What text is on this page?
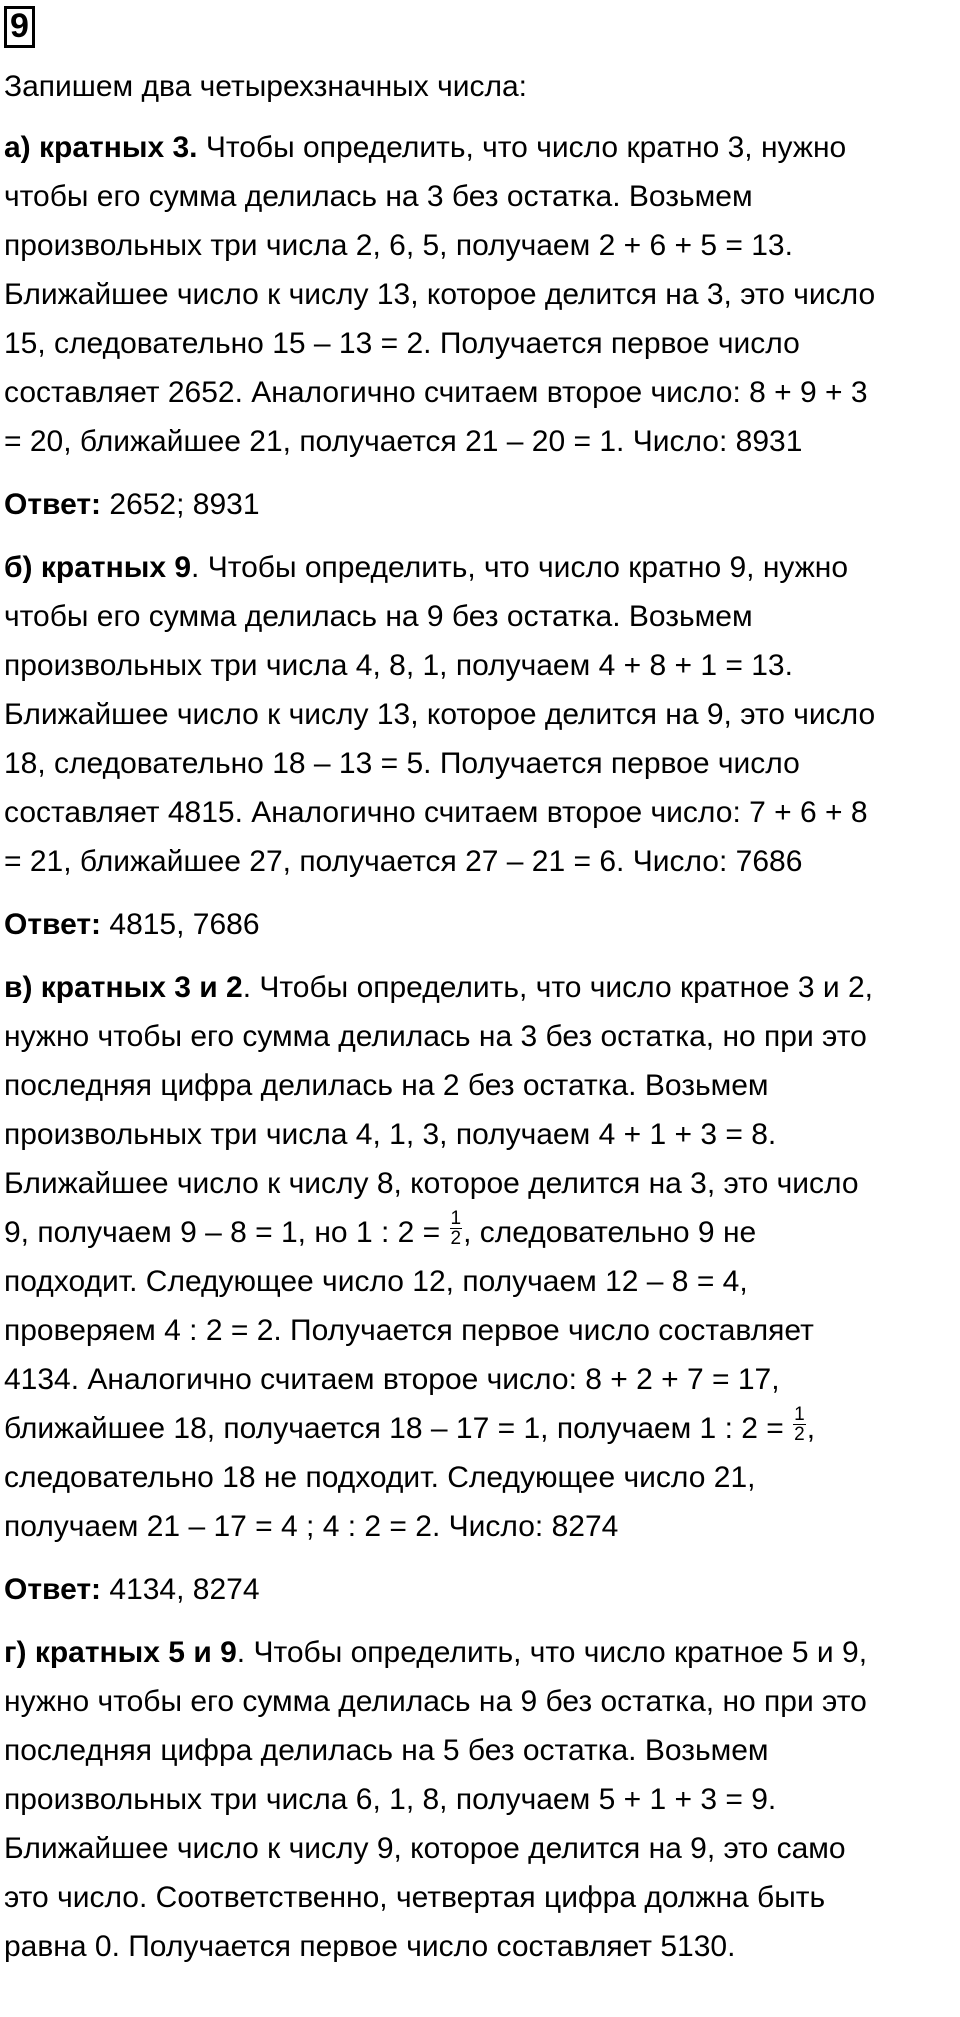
9

Запишем два четырехзначных числа:

а) кратных 3. Чтобы определить, что число кратно 3, нужно
чтобы его сумма делилась на 3 без остатка. Возьмем
произвольных три числа 2, 6, 5, получаем 2 + 6 + 5 = 13.
Ближайшее число к числу 13, которое делится на 3, это число
15, следовательно 15 – 13 = 2. Получается первое число
составляет 2652. Аналогично считаем второе число: 8 + 9 + 3
= 20, ближайшее 21, получается 21 – 20 = 1. Число: 8931

Ответ: 2652; 8931

б) кратных 9. Чтобы определить, что число кратно 9, нужно
чтобы его сумма делилась на 9 без остатка. Возьмем
произвольных три числа 4, 8, 1, получаем 4 + 8 + 1 = 13.
Ближайшее число к числу 13, которое делится на 9, это число
18, следовательно 18 – 13 = 5. Получается первое число
составляет 4815. Аналогично считаем второе число: 7 + 6 + 8
= 21, ближайшее 27, получается 27 – 21 = 6. Число: 7686

Ответ: 4815, 7686

в) кратных 3 и 2. Чтобы определить, что число кратное 3 и 2,
нужно чтобы его сумма делилась на 3 без остатка, но при это
последняя цифра делилась на 2 без остатка. Возьмем
произвольных три числа 4, 1, 3, получаем 4 + 1 + 3 = 8.
Ближайшее число к числу 8, которое делится на 3, это число
9, получаем 9 – 8 = 1, но 1 : $2 = \frac{1}{2}$ , следовательно 9 не
подходит. Следующее число 12, получаем 12 – 8 = 4,
проверяем 4 : 2 = 2. Получается первое число составляет
4134. Аналогично считаем второе число: 8 + 2 + 7 = 17,
ближайшее 18, получается 18 – 17 = 1, получаем 1 : $2 = \frac{1}{2}$ ,
следовательно 18 не подходит. Следующее число 21,
получаем 21 – 17 = 4 ; 4 : 2 = 2. Число: 8274

Ответ: 4134, 8274

г) кратных 5 и 9. Чтобы определить, что число кратное 5 и 9,
нужно чтобы его сумма делилась на 9 без остатка, но при это
последняя цифра делилась на 5 без остатка. Возьмем
произвольных три числа 6, 1, 8, получаем 5 + 1 + 3 = 9.
Ближайшее число к числу 9, которое делится на 9, это само
это число. Соответственно, четвертая цифра должна быть
равна 0. Получается первое число составляет 5130.
